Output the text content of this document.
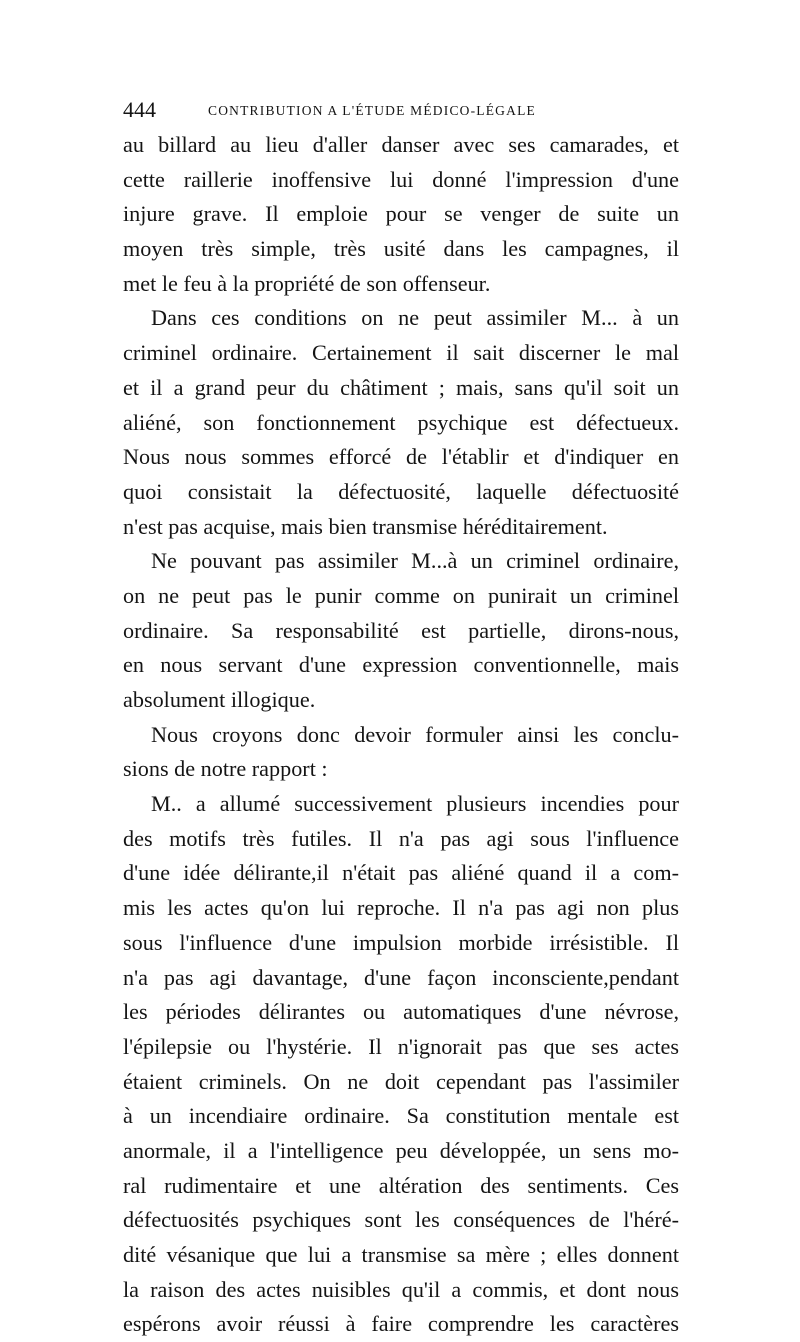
444	CONTRIBUTION A L'ÉTUDE MÉDICO-LÉGALE
au billard au lieu d'aller danser avec ses camarades, et
cette raillerie inoffensive lui donné l'impression d'une
injure grave. Il emploie pour se venger de suite un
moyen très simple, très usité dans les campagnes, il
met le feu à la propriété de son offenseur.
Dans ces conditions on ne peut assimiler M... à un
criminel ordinaire. Certainement il sait discerner le mal
et il a grand peur du châtiment ; mais, sans qu'il soit un
aliéné, son fonctionnement psychique est défectueux.
Nous nous sommes efforcé de l'établir et d'indiquer en
quoi consistait la défectuosité, laquelle défectuosité
n'est pas acquise, mais bien transmise héréditairement.
Ne pouvant pas assimiler M...à un criminel ordinaire,
on ne peut pas le punir comme on punirait un criminel
ordinaire. Sa responsabilité est partielle, dirons-nous,
en nous servant d'une expression conventionnelle, mais
absolument illogique.
Nous croyons donc devoir formuler ainsi les conclu-
sions de notre rapport :
M.. a allumé successivement plusieurs incendies pour
des motifs très futiles. Il n'a pas agi sous l'influence
d'une idée délirante,il n'était pas aliéné quand il a com-
mis les actes qu'on lui reproche. Il n'a pas agi non plus
sous l'influence d'une impulsion morbide irrésistible. Il
n'a pas agi davantage, d'une façon inconsciente,pendant
les périodes délirantes ou automatiques d'une névrose,
l'épilepsie ou l'hystérie. Il n'ignorait pas que ses actes
étaient criminels. On ne doit cependant pas l'assimiler
à un incendiaire ordinaire. Sa constitution mentale est
anormale, il a l'intelligence peu développée, un sens mo-
ral rudimentaire et une altération des sentiments. Ces
défectuosités psychiques sont les conséquences de l'héré-
dité vésanique que lui a transmise sa mère ; elles donnent
la raison des actes nuisibles qu'il a commis, et dont nous
espérons avoir réussi à faire comprendre les caractères
